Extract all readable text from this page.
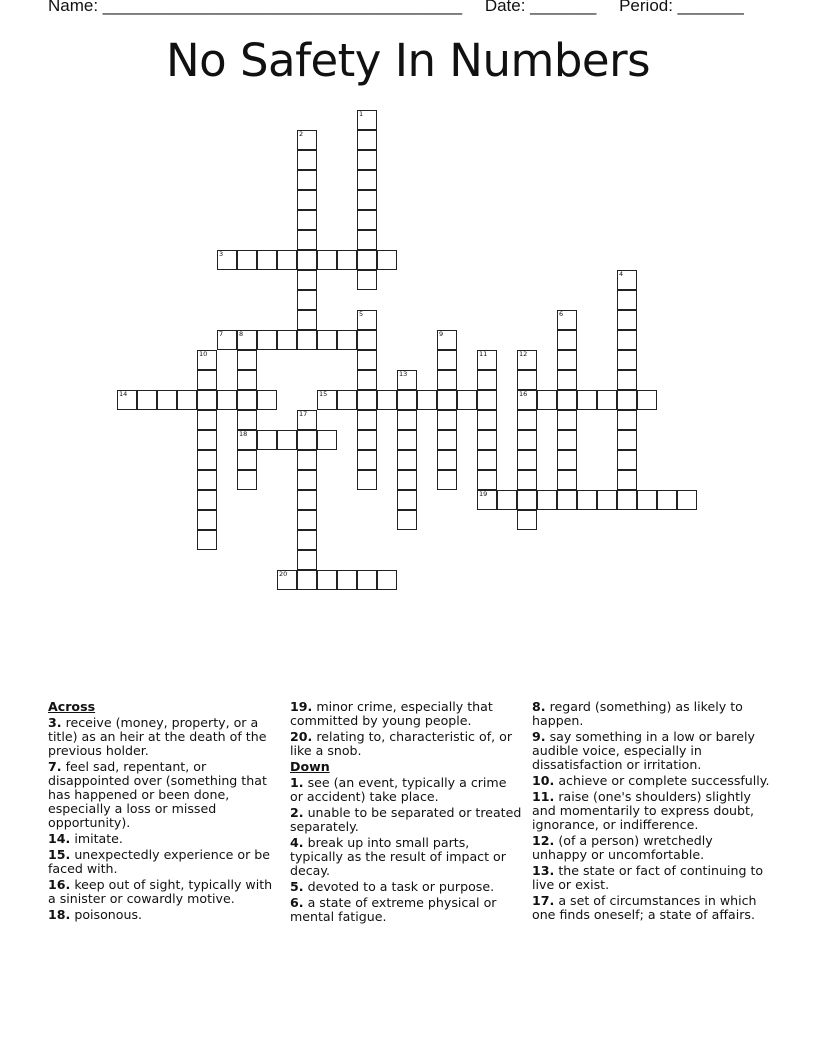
Name: ______________________________________ Date: _______ Period: _______
No Safety In Numbers
1
2
3
4
5	6
7 8
18
9
10	11
19
12
16
13
14	15
17
20
Across
3. receive (money, property, or a title) as an heir at the death of the previous holder.
7. feel sad, repentant, or disappointed over (something that has happened or been done, especially a loss or missed opportunity).
14. imitate.
15. unexpectedly experience or be faced with.
16. keep out of sight, typically with a sinister or cowardly motive.
18. poisonous.
19. minor crime, especially that committed by young people.
20. relating to, characteristic of, or like a snob.
Down
1. see (an event, typically a crime or accident) take place.
2. unable to be separated or treated separately.
4. break up into small parts, typically as the result of impact or decay.
5. devoted to a task or purpose.
6. a state of extreme physical or mental fatigue.
8. regard (something) as likely to happen.
9. say something in a low or barely audible voice, especially in dissatisfaction or irritation.
10. achieve or complete successfully.
11. raise (one's shoulders) slightly and momentarily to express doubt, ignorance, or indifference.
12. (of a person) wretchedly unhappy or uncomfortable.
13. the state or fact of continuing to live or exist.
17. a set of circumstances in which one finds oneself; a state of affairs.
